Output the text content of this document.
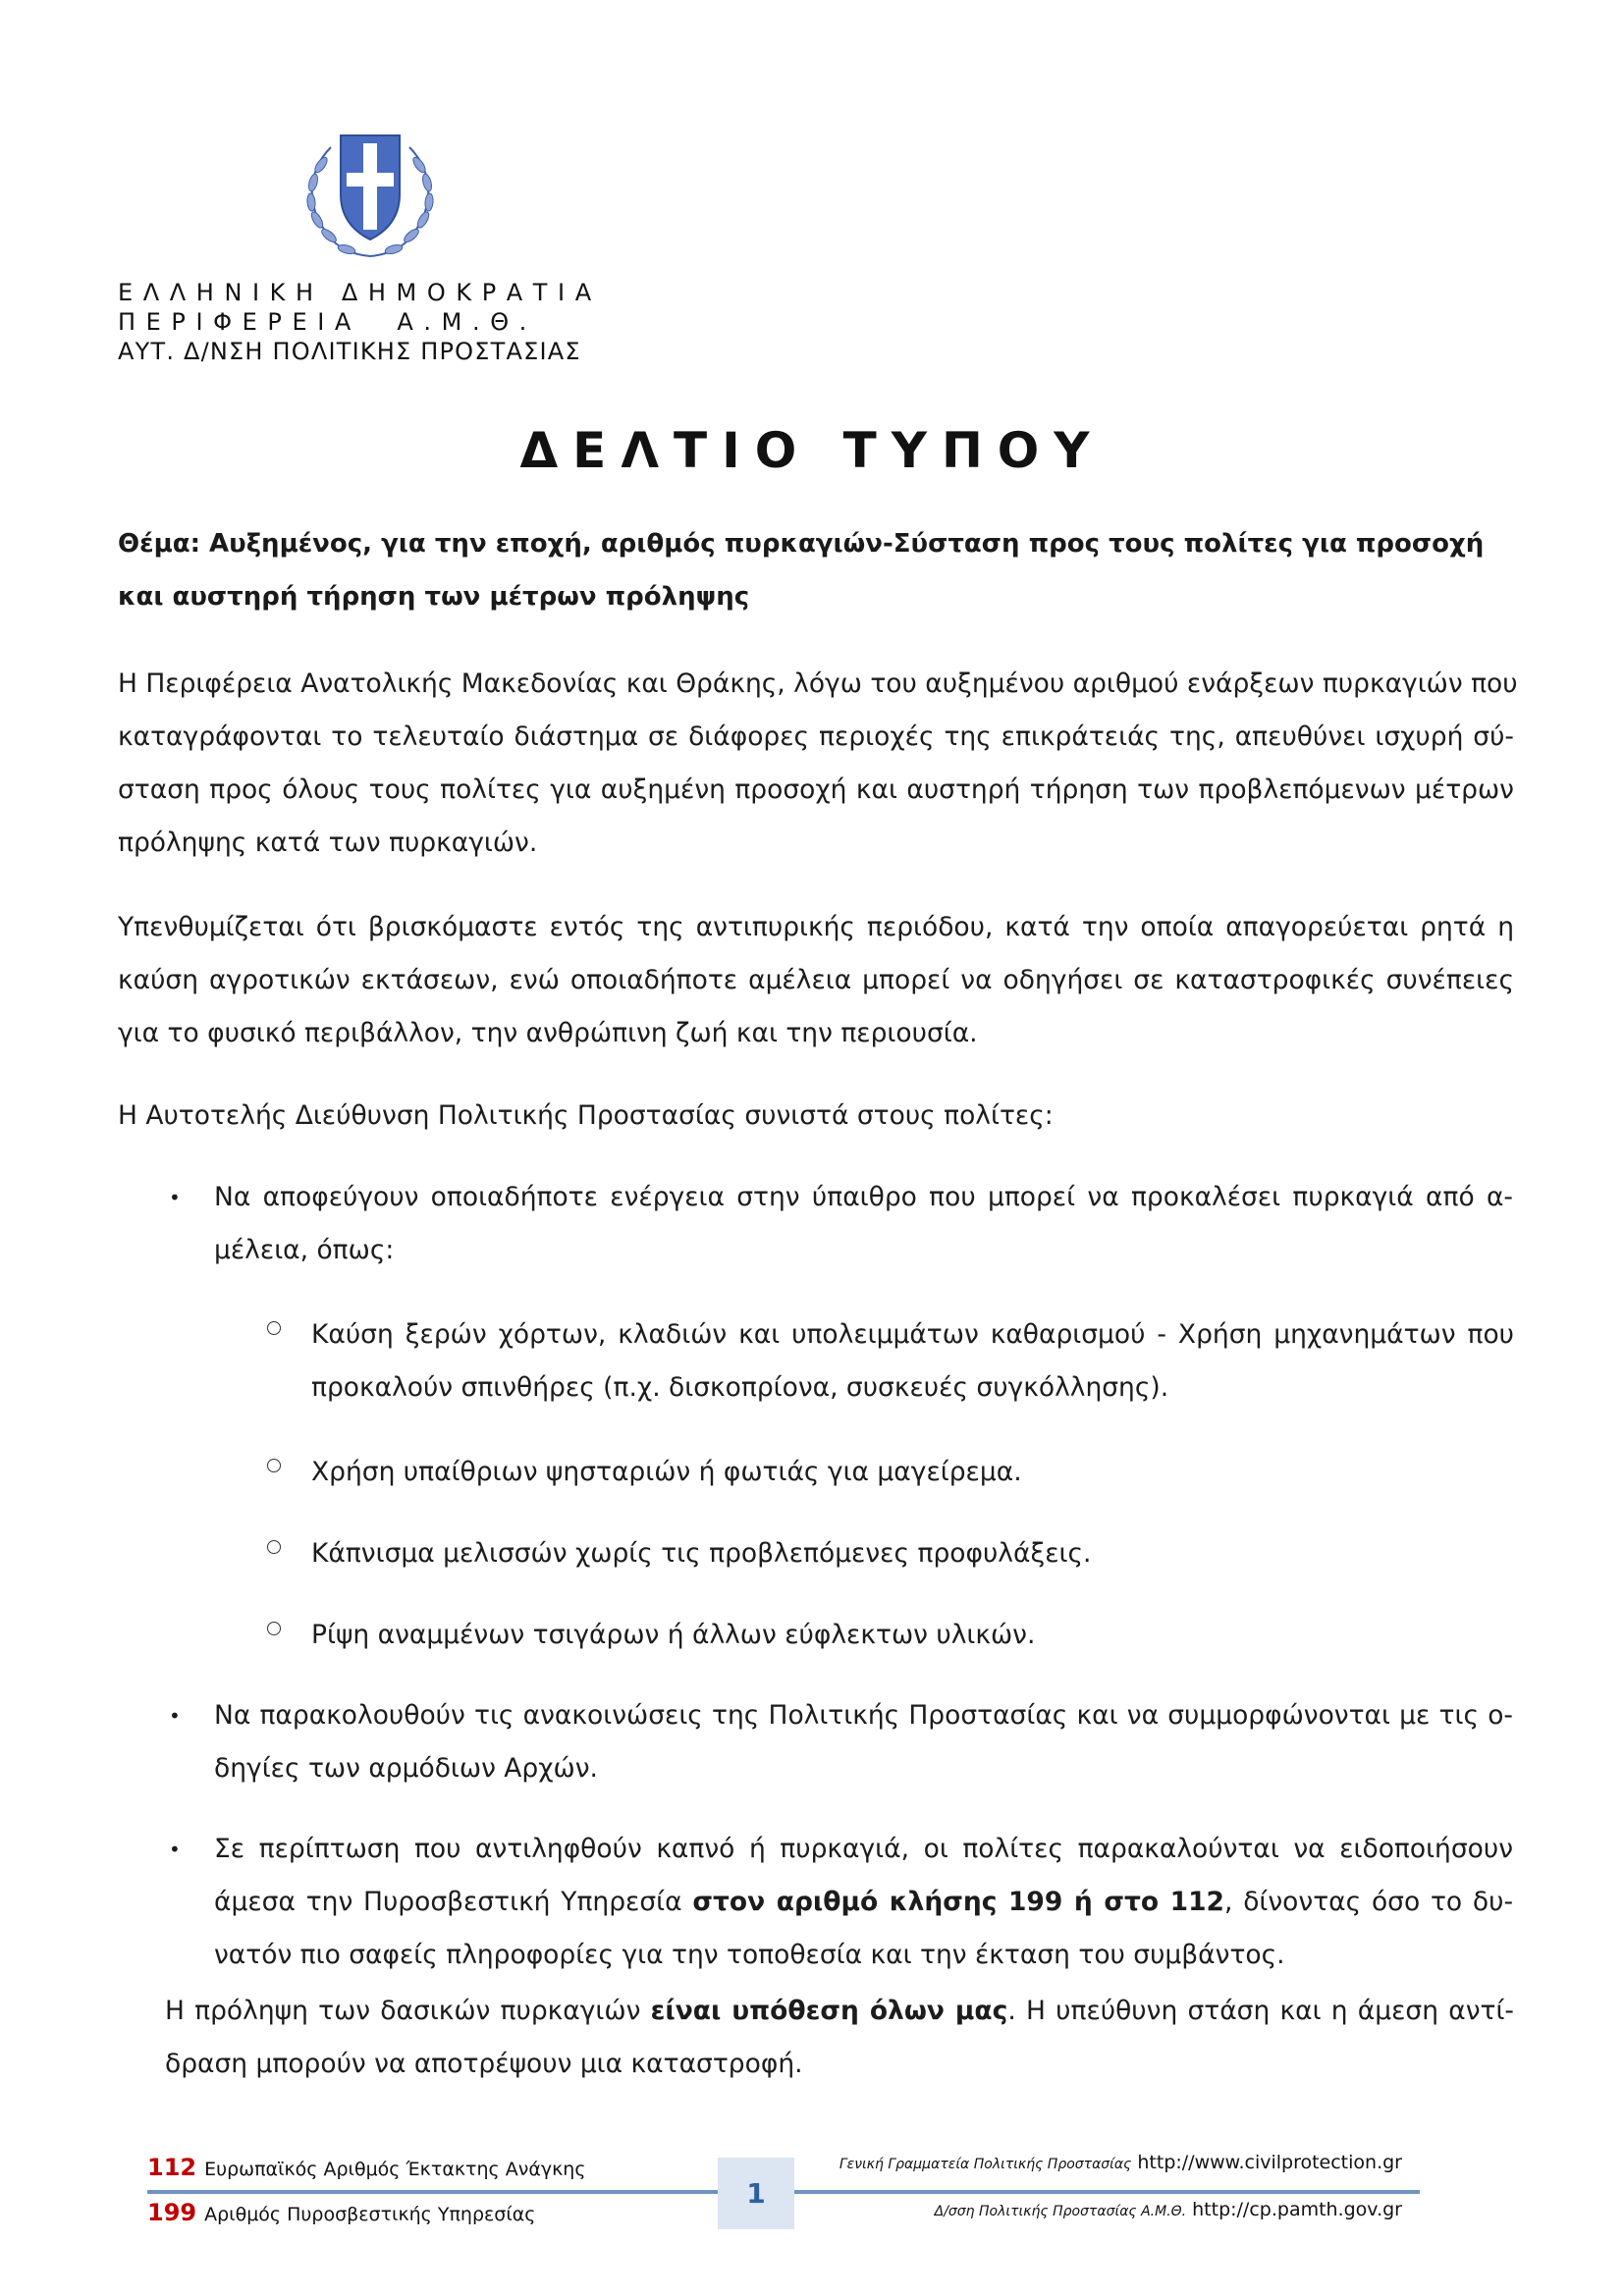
ΕΛΛΗΝΙΚΗ ΔΗΜΟΚΡΑΤΙΑ
ΠΕΡΙΦΕΡΕΙΑ  Α.Μ.Θ.
ΑΥΤ. Δ/ΝΣΗ ΠΟΛΙΤΙΚΗΣ ΠΡΟΣΤΑΣΙΑΣ
ΔΕΛΤΙΟ ΤΥΠΟΥ
Θέμα: Αυξημένος, για την εποχή, αριθμός πυρκαγιών-Σύσταση προς τους πολίτες για προσοχή
και αυστηρή τήρηση των μέτρων πρόληψης
Η Περιφέρεια Ανατολικής Μακεδονίας και Θράκης, λόγω του αυξημένου αριθμού ενάρξεων πυρκαγιών που
καταγράφονται το τελευταίο διάστημα σε διάφορες περιοχές της επικράτειάς της, απευθύνει ισχυρή σύ-
σταση προς όλους τους πολίτες για αυξημένη προσοχή και αυστηρή τήρηση των προβλεπόμενων μέτρων
πρόληψης κατά των πυρκαγιών.
Υπενθυμίζεται ότι βρισκόμαστε εντός της αντιπυρικής περιόδου, κατά την οποία απαγορεύεται ρητά η
καύση αγροτικών εκτάσεων, ενώ οποιαδήποτε αμέλεια μπορεί να οδηγήσει σε καταστροφικές συνέπειες
για το φυσικό περιβάλλον, την ανθρώπινη ζωή και την περιουσία.
Η Αυτοτελής Διεύθυνση Πολιτικής Προστασίας συνιστά στους πολίτες:
• Να αποφεύγουν οποιαδήποτε ενέργεια στην ύπαιθρο που μπορεί να προκαλέσει πυρκαγιά από α-
μέλεια, όπως:
Καύση ξερών χόρτων, κλαδιών και υπολειμμάτων καθαρισμού - Χρήση μηχανημάτων που
προκαλούν σπινθήρες (π.χ. δισκοπρίονα, συσκευές συγκόλλησης).
Χρήση υπαίθριων ψησταριών ή φωτιάς για μαγείρεμα.
Κάπνισμα μελισσών χωρίς τις προβλεπόμενες προφυλάξεις.
Ρίψη αναμμένων τσιγάρων ή άλλων εύφλεκτων υλικών.
• Να παρακολουθούν τις ανακοινώσεις της Πολιτικής Προστασίας και να συμμορφώνονται με τις ο-
δηγίες των αρμόδιων Αρχών.
• Σε περίπτωση που αντιληφθούν καπνό ή πυρκαγιά, οι πολίτες παρακαλούνται να ειδοποιήσουν
άμεσα την Πυροσβεστική Υπηρεσία στον αριθμό κλήσης 199 ή στο 112, δίνοντας όσο το δυ-
νατόν πιο σαφείς πληροφορίες για την τοποθεσία και την έκταση του συμβάντος.
Η πρόληψη των δασικών πυρκαγιών είναι υπόθεση όλων μας. Η υπεύθυνη στάση και η άμεση αντί-
δραση μπορούν να αποτρέψουν μια καταστροφή.
1
112 Ευρωπαϊκός Αριθμός Έκτακτης Ανάγκης
199 Αριθμός Πυροσβεστικής Υπηρεσίας
Γενική Γραμματεία Πολιτικής Προστασίας http://www.civilprotection.gr
Δ/σση Πολιτικής Προστασίας Α.Μ.Θ. http://cp.pamth.gov.gr
